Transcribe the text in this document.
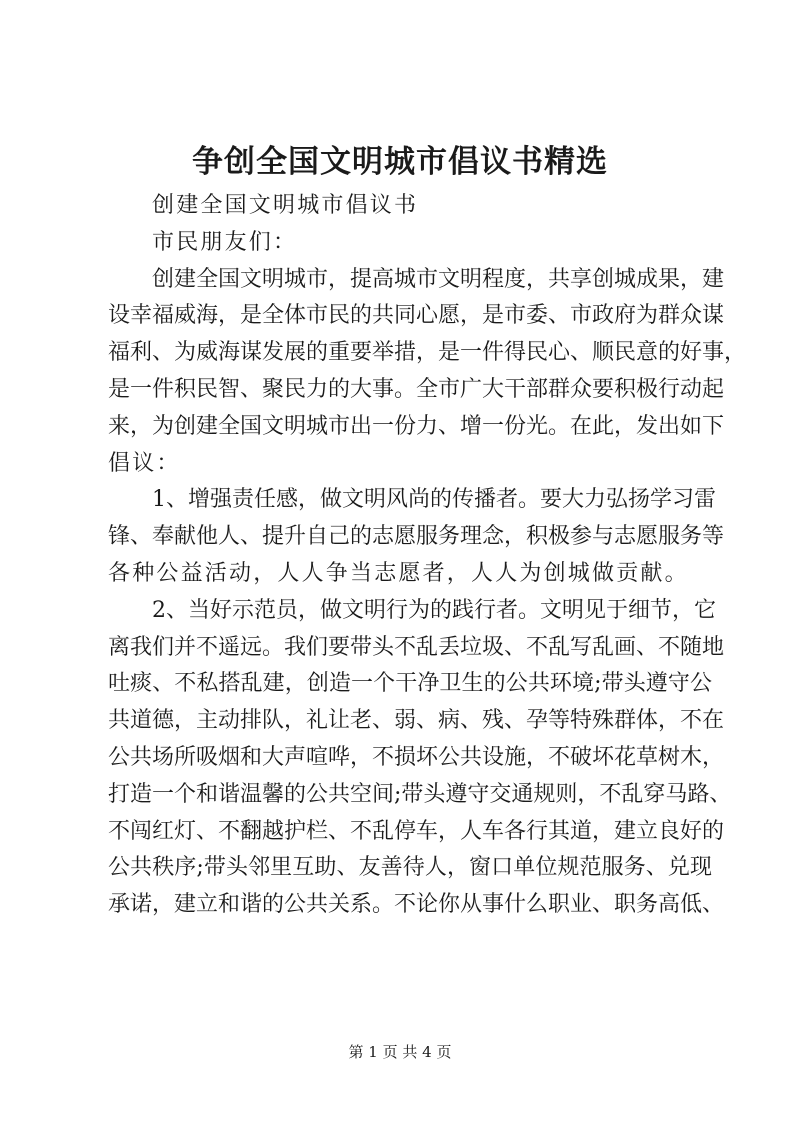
争创全国文明城市倡议书精选
创建全国文明城市倡议书
市民朋友们：
创建全国文明城市，提高城市文明程度，共享创城成果，建
设幸福威海，是全体市民的共同心愿，是市委、市政府为群众谋
福利、为威海谋发展的重要举措，是一件得民心、顺民意的好事，
是一件积民智、聚民力的大事。全市广大干部群众要积极行动起
来，为创建全国文明城市出一份力、增一份光。在此，发出如下
倡议：
1、增强责任感，做文明风尚的传播者。要大力弘扬学习雷
锋、奉献他人、提升自己的志愿服务理念，积极参与志愿服务等
各种公益活动，人人争当志愿者，人人为创城做贡献。
2、当好示范员，做文明行为的践行者。文明见于细节，它
离我们并不遥远。我们要带头不乱丢垃圾、不乱写乱画、不随地
吐痰、不私搭乱建，创造一个干净卫生的公共环境;带头遵守公
共道德，主动排队，礼让老、弱、病、残、孕等特殊群体，不在
公共场所吸烟和大声喧哗，不损坏公共设施，不破坏花草树木，
打造一个和谐温馨的公共空间;带头遵守交通规则，不乱穿马路、
不闯红灯、不翻越护栏、不乱停车，人车各行其道，建立良好的
公共秩序;带头邻里互助、友善待人，窗口单位规范服务、兑现
承诺，建立和谐的公共关系。不论你从事什么职业、职务高低、
第 1 页 共 4 页
